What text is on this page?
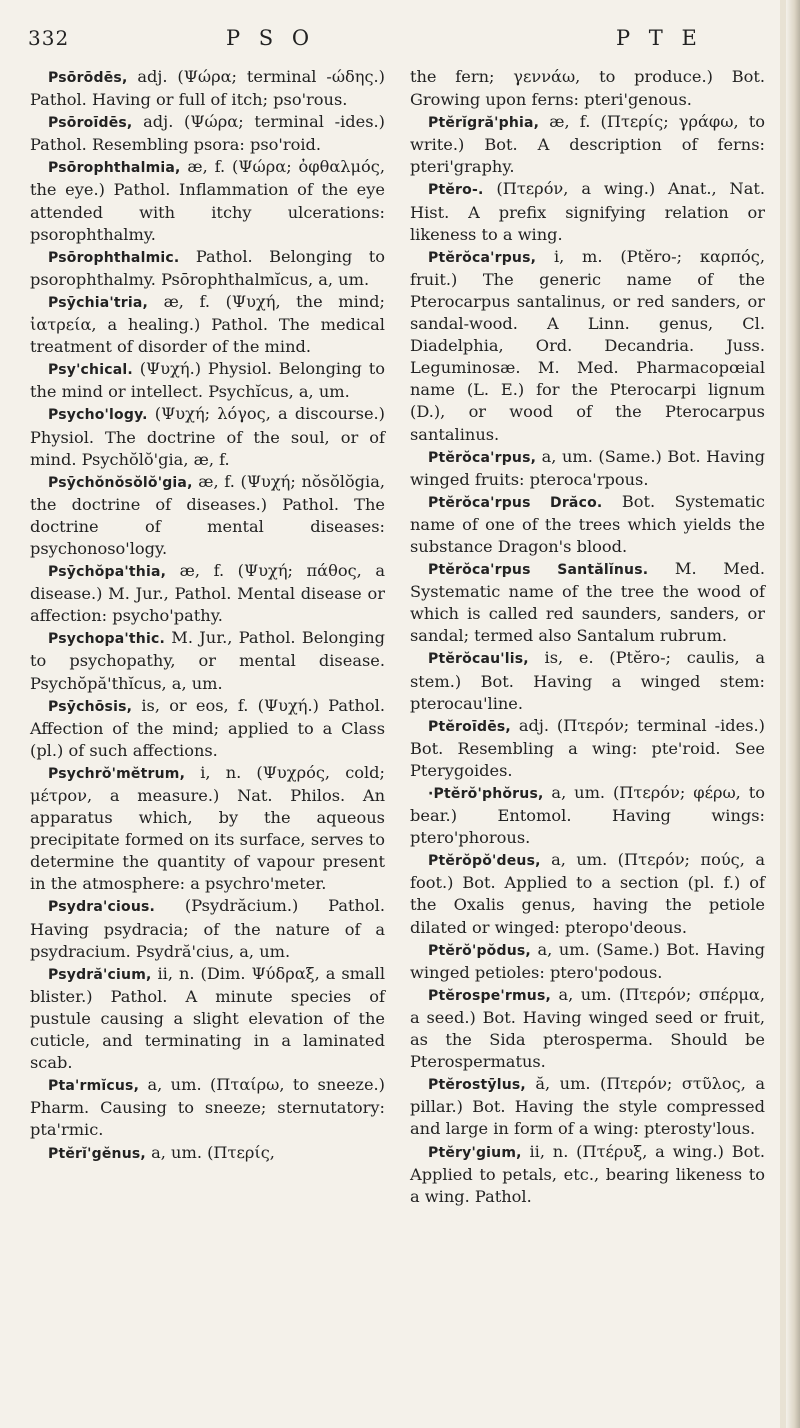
332	P S O	P T E

Psōrōdēs, adj. (Ψώρα; terminal -ώδης.) Pathol. Having or full of itch; pso'rous.

Psōroīdēs, adj. (Ψώρα; terminal -ides.) Pathol. Resembling psora: pso'roid.

Psōrophthalmia, æ, f. (Ψώρα; ὀφθαλμός, the eye.) Pathol. Inflammation of the eye attended with itchy ulcerations: psorophthalmy.

Psōrophthalmic. Pathol. Belonging to psorophthalmy. Psōrophthalmĭcus, a, um.

Psȳchia'tria, æ, f. (Ψυχή, the mind; ἰατρεία, a healing.) Pathol. The medical treatment of disorder of the mind.

Psy'chical. (Ψυχή.) Physiol. Belonging to the mind or intellect. Psychĭcus, a, um.

Psycho'logy. (Ψυχή; λόγος, a discourse.) Physiol. The doctrine of the soul, or of mind. Psychŏlŏ'gia, æ, f.

Psȳchŏnŏsŏlŏ'gia, æ, f. (Ψυχή; nŏsŏlŏgia, the doctrine of diseases.) Pathol. The doctrine of mental diseases: psychonoso'logy.

Psȳchŏpa'thia, æ, f. (Ψυχή; πάθος, a disease.) M. Jur., Pathol. Mental disease or affection: psycho'pathy.

Psychopa'thic. M. Jur., Pathol. Belonging to psychopathy, or mental disease. Psychŏpă'thĭcus, a, um.

Psȳchōsis, is, or eos, f. (Ψυχή.) Pathol. Affection of the mind; applied to a Class (pl.) of such affections.

Psychrŏ'mĕtrum, i, n. (Ψυχρός, cold; μέτρον, a measure.) Nat. Philos. An apparatus which, by the aqueous precipitate formed on its surface, serves to determine the quantity of vapour present in the atmosphere: a psychro'meter.

Psydra'cious. (Psydrăcium.) Pathol. Having psydracia; of the nature of a psydracium. Psydră'cius, a, um.

Psydră'cium, ii, n. (Dim. Ψύδραξ, a small blister.) Pathol. A minute species of pustule causing a slight elevation of the cuticle, and terminating in a laminated scab.

Pta'rmĭcus, a, um. (Πταίρω, to sneeze.) Pharm. Causing to sneeze; sternutatory: pta'rmic.

Ptĕrĭ'gĕnus, a, um. (Πτερίς,

the fern; γεννάω, to produce.) Bot. Growing upon ferns: pteri'genous.

Ptĕrĭgră'phia, æ, f. (Πτερίς; γράφω, to write.) Bot. A description of ferns: pteri'graphy.

Ptĕro-. (Πτερόν, a wing.) Anat., Nat. Hist. A prefix signifying relation or likeness to a wing.

Ptĕrŏca'rpus, i, m. (Ptĕro-; καρπός, fruit.) The generic name of the Pterocarpus santalinus, or red sanders, or sandal-wood. A Linn. genus, Cl. Diadelphia, Ord. Decandria. Juss. Leguminosæ. M. Med. Pharmacopœial name (L. E.) for the Pterocarpi lignum (D.), or wood of the Pterocarpus santalinus.

Ptĕrŏca'rpus, a, um. (Same.) Bot. Having winged fruits: pteroca'rpous.

Ptĕrŏca'rpus Drăco. Bot. Systematic name of one of the trees which yields the substance Dragon's blood.

Ptĕrŏca'rpus Santălĭnus. M. Med. Systematic name of the tree the wood of which is called red saunders, sanders, or sandal; termed also Santalum rubrum.

Ptĕrŏcau'lis, is, e. (Ptĕro-; caulis, a stem.) Bot. Having a winged stem: pterocau'line.

Ptĕroīdēs, adj. (Πτερόν; terminal -ides.) Bot. Resembling a wing: pte'roid. See Pterygoides.

·Ptĕrŏ'phŏrus, a, um. (Πτερόν; φέρω, to bear.) Entomol. Having wings: ptero'phorous.

Ptĕrŏpŏ'deus, a, um. (Πτερόν; πούς, a foot.) Bot. Applied to a section (pl. f.) of the Oxalis genus, having the petiole dilated or winged: pteropo'deous.

Ptĕrŏ'pŏdus, a, um. (Same.) Bot. Having winged petioles: ptero'podous.

Ptĕrospe'rmus, a, um. (Πτερόν; σπέρμα, a seed.) Bot. Having winged seed or fruit, as the Sida pterosperma. Should be Pterospermatus.

Ptĕrostȳlus, ă, um. (Πτερόν; στῦλος, a pillar.) Bot. Having the style compressed and large in form of a wing: pterosty'lous.

Ptĕry'gium, ii, n. (Πτέρυξ, a wing.) Bot. Applied to petals, etc., bearing likeness to a wing. Pathol.
